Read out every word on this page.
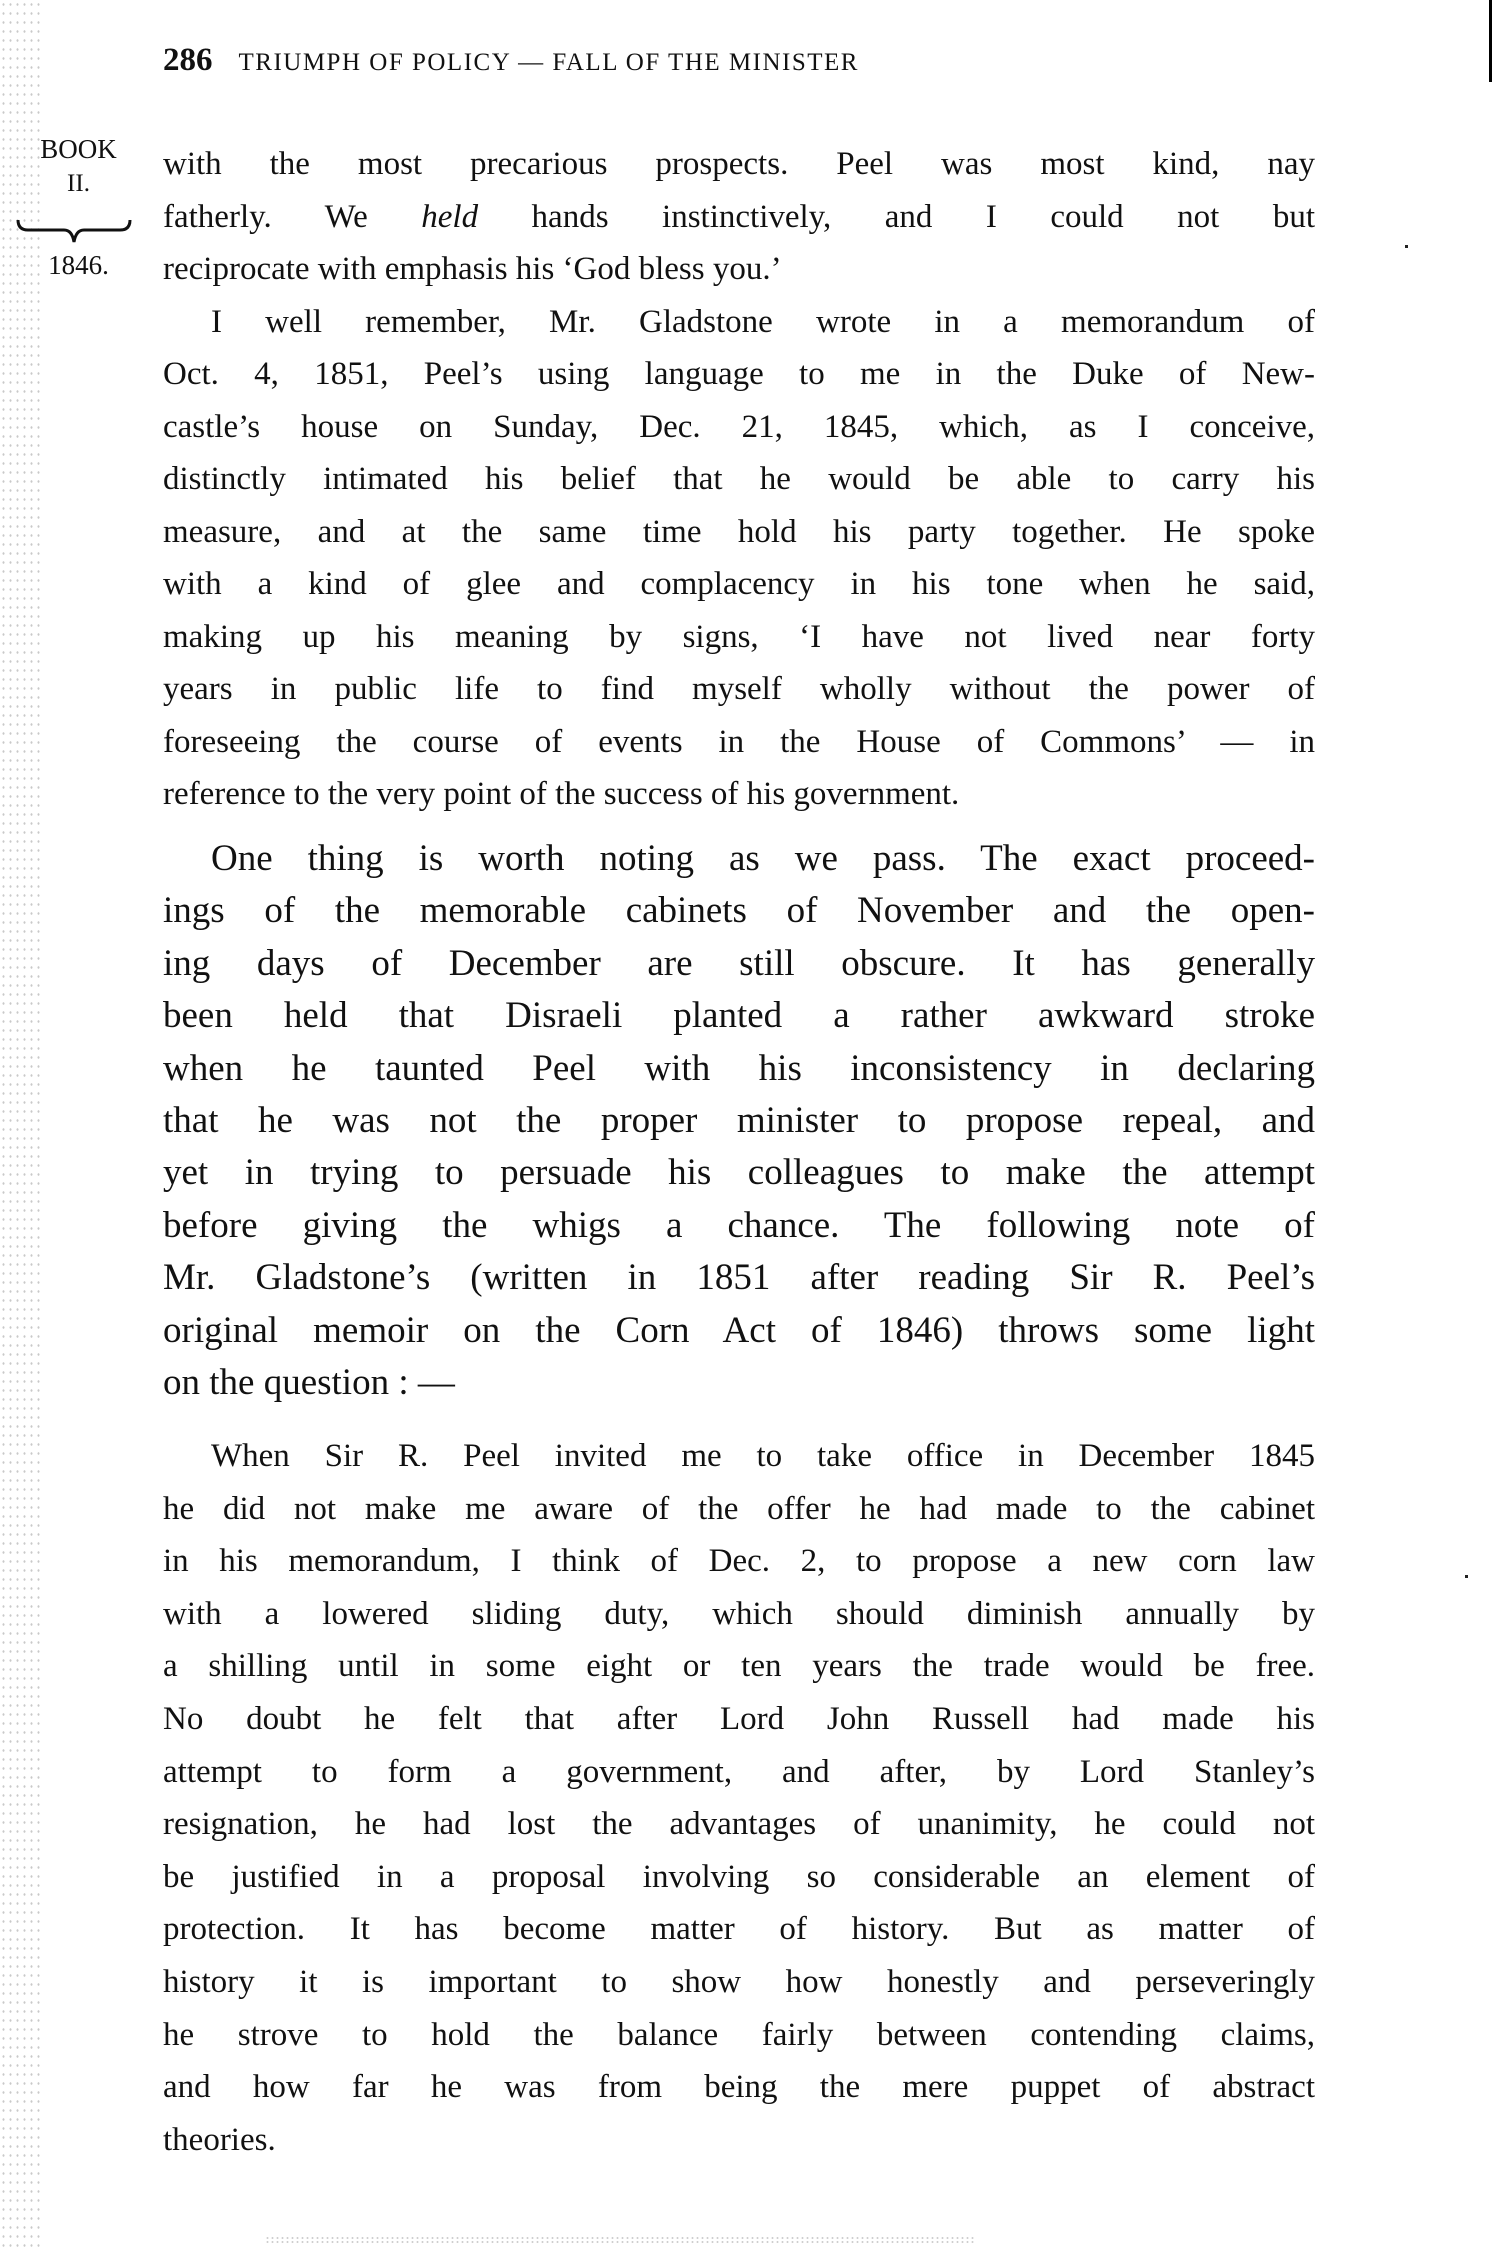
286 TRIUMPH OF POLICY — FALL OF THE MINISTER
BOOK
II.
1846.
with the most precarious prospects. Peel was most kind, nay
fatherly. We held hands instinctively, and I could not but
reciprocate with emphasis his ‘God bless you.’
I well remember, Mr. Gladstone wrote in a memorandum of
Oct. 4, 1851, Peel’s using language to me in the Duke of New-
castle’s house on Sunday, Dec. 21, 1845, which, as I conceive,
distinctly intimated his belief that he would be able to carry his
measure, and at the same time hold his party together. He spoke
with a kind of glee and complacency in his tone when he said,
making up his meaning by signs, ‘I have not lived near forty
years in public life to find myself wholly without the power of
foreseeing the course of events in the House of Commons’ — in
reference to the very point of the success of his government.
One thing is worth noting as we pass. The exact proceed-
ings of the memorable cabinets of November and the open-
ing days of December are still obscure. It has generally
been held that Disraeli planted a rather awkward stroke
when he taunted Peel with his inconsistency in declaring
that he was not the proper minister to propose repeal, and
yet in trying to persuade his colleagues to make the attempt
before giving the whigs a chance. The following note of
Mr. Gladstone’s (written in 1851 after reading Sir R. Peel’s
original memoir on the Corn Act of 1846) throws some light
on the question : —
When Sir R. Peel invited me to take office in December 1845
he did not make me aware of the offer he had made to the cabinet
in his memorandum, I think of Dec. 2, to propose a new corn law
with a lowered sliding duty, which should diminish annually by
a shilling until in some eight or ten years the trade would be free.
No doubt he felt that after Lord John Russell had made his
attempt to form a government, and after, by Lord Stanley’s
resignation, he had lost the advantages of unanimity, he could not
be justified in a proposal involving so considerable an element of
protection. It has become matter of history. But as matter of
history it is important to show how honestly and perseveringly
he strove to hold the balance fairly between contending claims,
and how far he was from being the mere puppet of abstract
theories.
